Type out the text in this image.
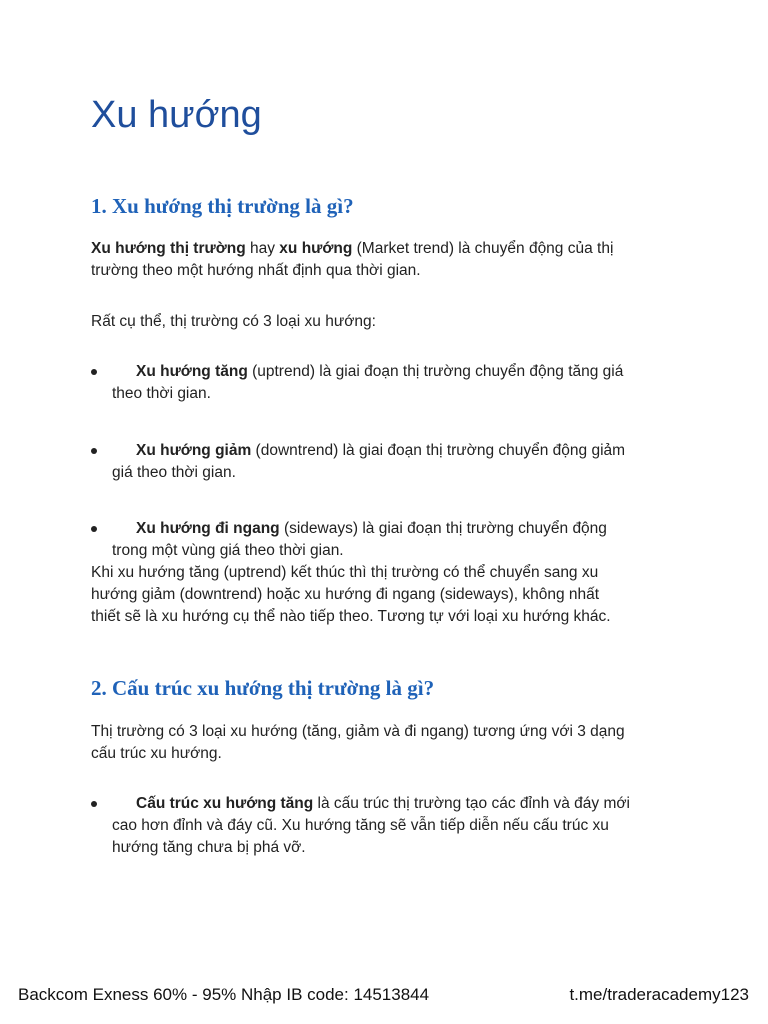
Xu hướng
1. Xu hướng thị trường là gì?

Xu hướng thị trường hay xu hướng (Market trend) là chuyển động của thị

trường theo một hướng nhất định qua thời gian.

Rất cụ thể, thị trường có 3 loại xu hướng:

Xu hướng tăng (uptrend) là giai đoạn thị trường chuyển động tăng giá
theo thời gian.

Xu hướng giảm (downtrend) là giai đoạn thị trường chuyển động giảm
giá theo thời gian.

Xu hướng đi ngang (sideways) là giai đoạn thị trường chuyển động
trong một vùng giá theo thời gian.

Khi xu hướng tăng (uptrend) kết thúc thì thị trường có thể chuyển sang xu

hướng giảm (downtrend) hoặc xu hướng đi ngang (sideways), không nhất

thiết sẽ là xu hướng cụ thể nào tiếp theo. Tương tự với loại xu hướng khác.

2. Cấu trúc xu hướng thị trường là gì?

Thị trường có 3 loại xu hướng (tăng, giảm và đi ngang) tương ứng với 3 dạng

cấu trúc xu hướng.

Cấu trúc xu hướng tăng là cấu trúc thị trường tạo các đỉnh và đáy mới
cao hơn đỉnh và đáy cũ. Xu hướng tăng sẽ vẫn tiếp diễn nếu cấu trúc xu
hướng tăng chưa bị phá vỡ.

Backcom Exness 60% - 95% Nhập IB code: 14513844	t.me/traderacademy123
